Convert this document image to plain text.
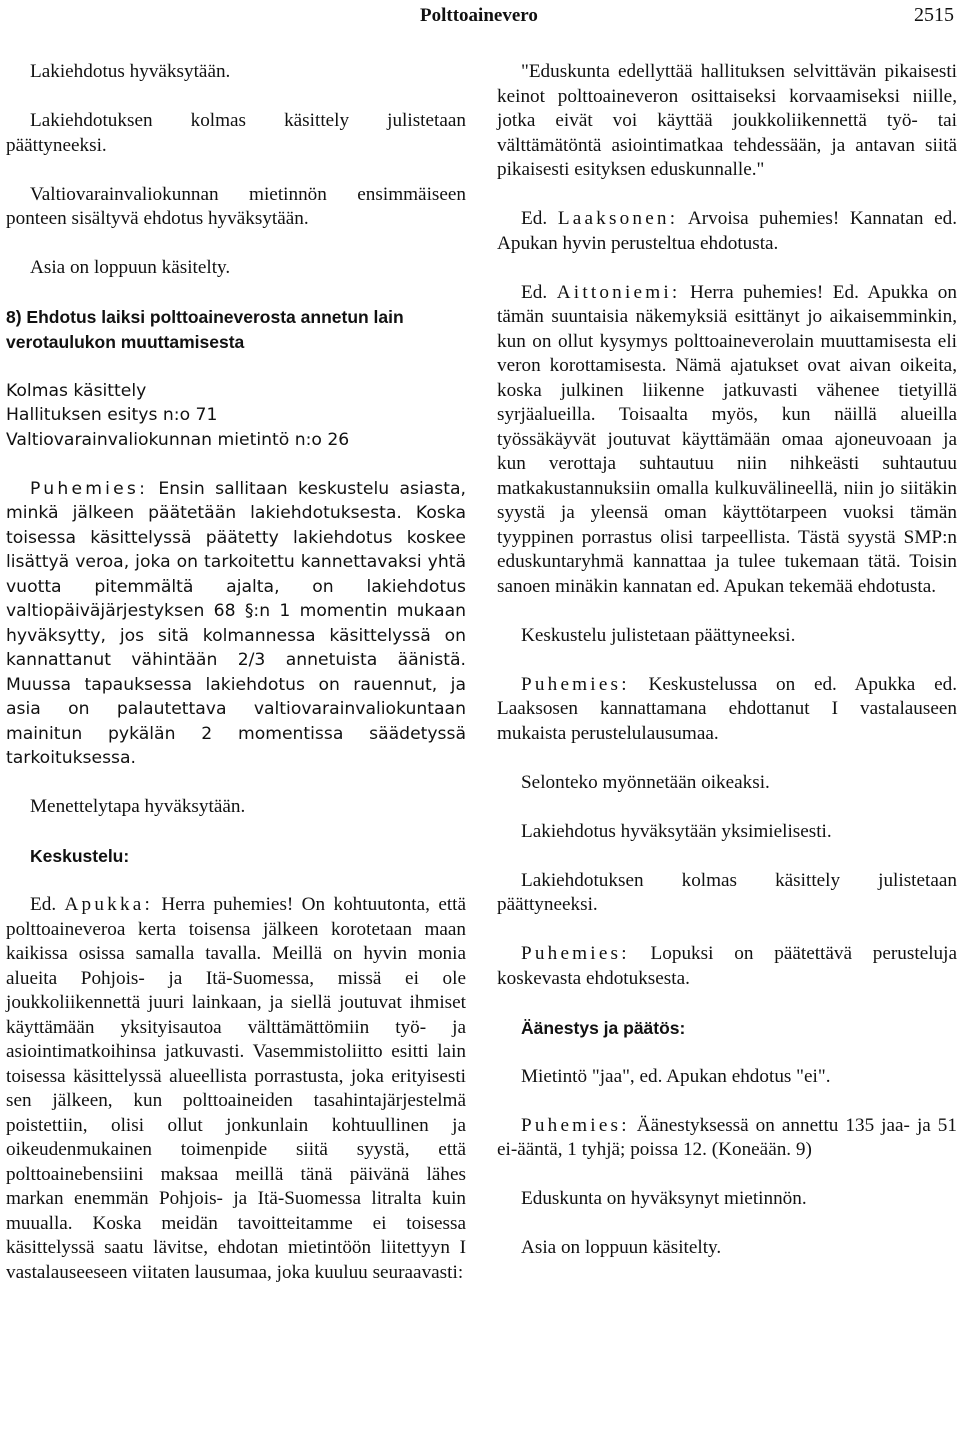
Polttoainevero	2515

Lakiehdotus hyväksytään.

Lakiehdotuksen kolmas käsittely julistetaan päättyneeksi.

Valtiovarainvaliokunnan mietinnön ensimmäiseen ponteen sisältyvä ehdotus hyväksytään.

Asia on loppuun käsitelty.

8) Ehdotus laiksi polttoaineverosta annetun lain verotaulukon muuttamisesta

Kolmas käsittely
Hallituksen esitys n:o 71
Valtiovarainvaliokunnan mietintö n:o 26

Puhemies: Ensin sallitaan keskustelu asiasta, minkä jälkeen päätetään lakiehdotuksesta. Koska toisessa käsittelyssä päätetty lakiehdotus koskee lisättyä veroa, joka on tarkoitettu kannettavaksi yhtä vuotta pitemmältä ajalta, on lakiehdotus valtiopäiväjärjestyksen 68 §:n 1 momentin mukaan hyväksytty, jos sitä kolmannessa käsittelyssä on kannattanut vähintään 2/3 annetuista äänistä. Muussa tapauksessa lakiehdotus on rauennut, ja asia on palautettava valtiovarainvaliokuntaan mainitun pykälän 2 momentissa säädetyssä tarkoituksessa.

Menettelytapa hyväksytään.

Keskustelu:

Ed. Apukka: Herra puhemies! On kohtuutonta, että polttoaineveroa kerta toisensa jälkeen korotetaan maan kaikissa osissa samalla tavalla. Meillä on hyvin monia alueita Pohjois- ja Itä-Suomessa, missä ei ole joukkoliikennettä juuri lainkaan, ja siellä joutuvat ihmiset käyttämään yksityisautoa välttämättömiin työ- ja asiointimatkoihinsa jatkuvasti. Vasemmistoliitto esitti lain toisessa käsittelyssä alueellista porrastusta, joka erityisesti sen jälkeen, kun polttoaineiden tasahintajärjestelmä poistettiin, olisi ollut jonkunlain kohtuullinen ja oikeudenmukainen toimenpide siitä syystä, että polttoainebensiini maksaa meillä tänä päivänä lähes markan enemmän Pohjois- ja Itä-Suomessa litralta kuin muualla. Koska meidän tavoitteitamme ei toisessa käsittelyssä saatu lävitse, ehdotan mietintöön liitettyyn I vastalauseeseen viitaten lausumaa, joka kuuluu seuraavasti:

"Eduskunta edellyttää hallituksen selvittävän pikaisesti keinot polttoaineveron osittaiseksi korvaamiseksi niille, jotka eivät voi käyttää joukkoliikennettä työ- tai välttämätöntä asiointimatkaa tehdessään, ja antavan siitä pikaisesti esityksen eduskunnalle."

Ed. Laaksonen: Arvoisa puhemies! Kannatan ed. Apukan hyvin perusteltua ehdotusta.

Ed. Aittoniemi: Herra puhemies! Ed. Apukka on tämän suuntaisia näkemyksiä esittänyt jo aikaisemminkin, kun on ollut kysymys polttoaineverolain muuttamisesta eli veron korottamisesta. Nämä ajatukset ovat aivan oikeita, koska julkinen liikenne jatkuvasti vähenee tietyillä syrjäalueilla. Toisaalta myös, kun näillä alueilla työssäkäyvät joutuvat käyttämään omaa ajoneuvoaan ja kun verottaja suhtautuu niin nihkeästi suhtautuu matkakustannuksiin omalla kulkuvälineellä, niin jo siitäkin syystä ja yleensä oman käyttötarpeen vuoksi tämän tyyppinen porrastus olisi tarpeellista. Tästä syystä SMP:n eduskuntaryhmä kannattaa ja tulee tukemaan tätä. Toisin sanoen minäkin kannatan ed. Apukan tekemää ehdotusta.

Keskustelu julistetaan päättyneeksi.

Puhemies: Keskustelussa on ed. Apukka ed. Laaksosen kannattamana ehdottanut I vastalauseen mukaista perustelulausumaa.

Selonteko myönnetään oikeaksi.

Lakiehdotus hyväksytään yksimielisesti.

Lakiehdotuksen kolmas käsittely julistetaan päättyneeksi.

Puhemies: Lopuksi on päätettävä perusteluja koskevasta ehdotuksesta.

Äänestys ja päätös:

Mietintö "jaa", ed. Apukan ehdotus "ei".

Puhemies: Äänestyksessä on annettu 135 jaa- ja 51 ei-ääntä, 1 tyhjä; poissa 12. (Koneään. 9)

Eduskunta on hyväksynyt mietinnön.

Asia on loppuun käsitelty.
